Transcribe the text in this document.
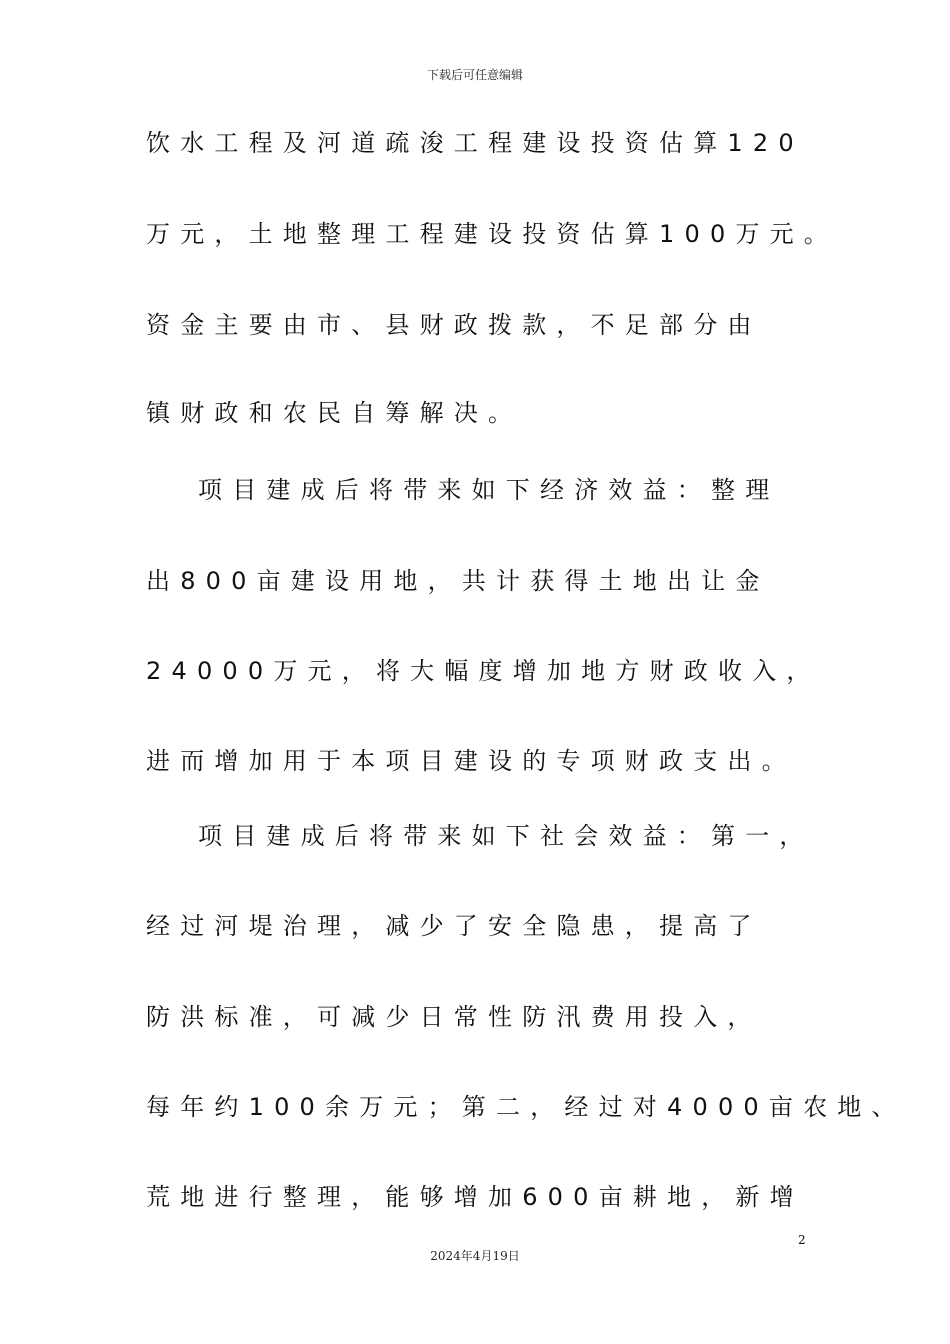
下载后可任意编辑
饮水工程及河道疏浚工程建设投资估算120
万元，土地整理工程建设投资估算100万元。
资金主要由市、县财政拨款，不足部分由
镇财政和农民自筹解决。
项目建成后将带来如下经济效益：整理
出800亩建设用地，共计获得土地出让金
24000万元，将大幅度增加地方财政收入，
进而增加用于本项目建设的专项财政支出。
项目建成后将带来如下社会效益：第一，
经过河堤治理，减少了安全隐患，提高了
防洪标准，可减少日常性防汛费用投入，
每年约100余万元；第二，经过对4000亩农地、
荒地进行整理，能够增加600亩耕地，新增
2
2024年4月19日
